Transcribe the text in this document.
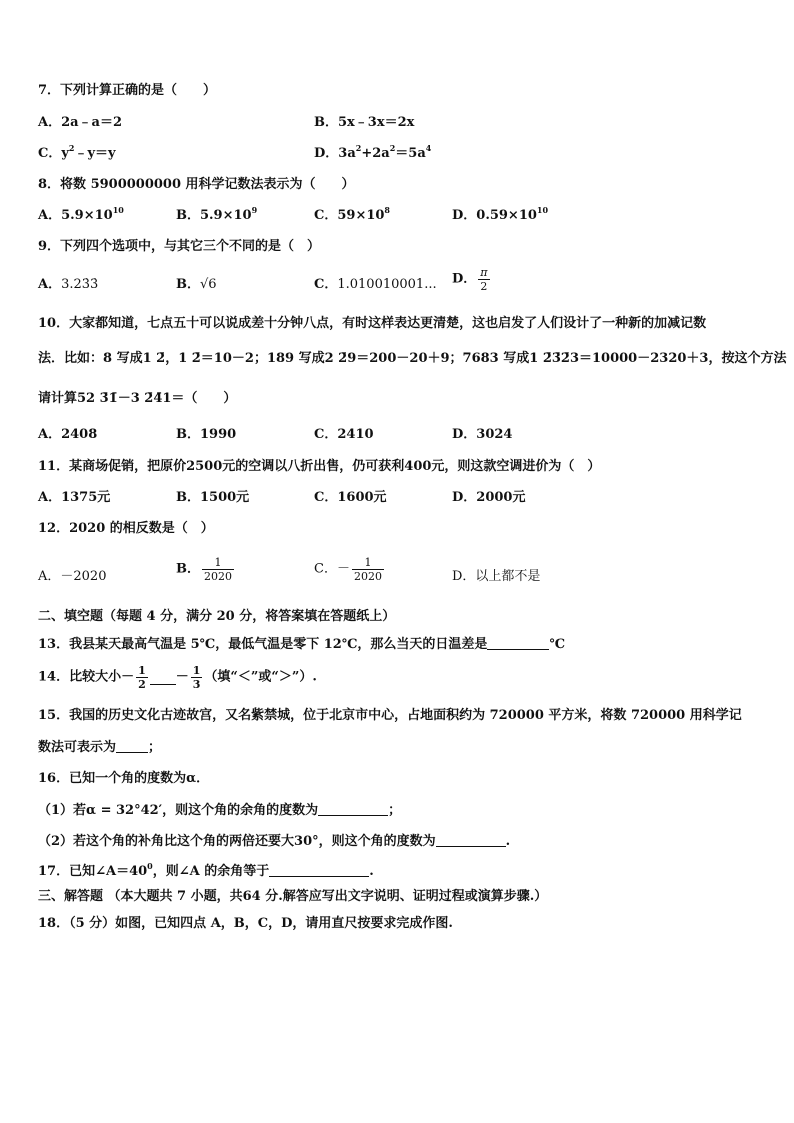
7．下列计算正确的是（　　）
A．2a﹣a＝2	B．5x﹣3x＝2x
C．$y^2﹣y=y$	D．$3a^2+2a^2=5a^4$
8．将数 5900000000 用科学记数法表示为（　　）
A．$5.9\times 10^{10}$	B．$5.9\times 10^9$	C．$59\times 10^8$	D．$0.59\times 10^{10}$
9．下列四个选项中，与其它三个不同的是（　）
A．3.23̇3̇	B．√6	C．1.010010001... D． $\frac{\pi}{2}$
10．大家都知道，七点五十可以说成差十分钟八点，有时这样表达更清楚，这也启发了人们设计了一种新的加减记数
法．比如：8 写成1 2̄，1 2̄＝10－2；189 写成2 2̄9＝200－20＋9；7683 写成1 2̄3̄2̄3＝10000－2320＋3，按这个方法
请计算52 3̄1̄－3 2̄4̄1＝（　　）
A．2408	B．1990	C．2410	D．3024
11．某商场促销，把原价2500元的空调以八折出售，仍可获利400元，则这款空调进价为（　）
A．1375元	B．1500元	C．1600元	D．2000元
12．2020 的相反数是（　）
A．－2020	B． $\frac{1}{2020}$	C．－ $\frac{1}{2020}$	D．以上都不是
二、填空题（每题 4 分，满分 20 分，将答案填在答题纸上）
13．我县某天最高气温是 5℃，最低气温是零下 12℃，那么当天的日温差是	℃
14．比较大小－ $\frac{1}{2} - \frac{1}{3}$ （填“＜”或“＞”）.
15．我国的历史文化古迹故宫，又名紫禁城，位于北京市中心，占地面积约为 720000 平方米，将数 720000 用科学记
数法可表示为 ；
16．已知一个角的度数为α．
（1）若α = 32°42′，则这个角的余角的度数为	；
（2）若这个角的补角比这个角的两倍还要大30°，则这个角的度数为	.
17．已知$\angle A=40^0$，则∠A 的余角等于	.
三、解答题 （本大题共 7 小题，共64 分.解答应写出文字说明、证明过程或演算步骤.）
18．（5 分）如图，已知四点 A，B，C，D，请用直尺按要求完成作图.
